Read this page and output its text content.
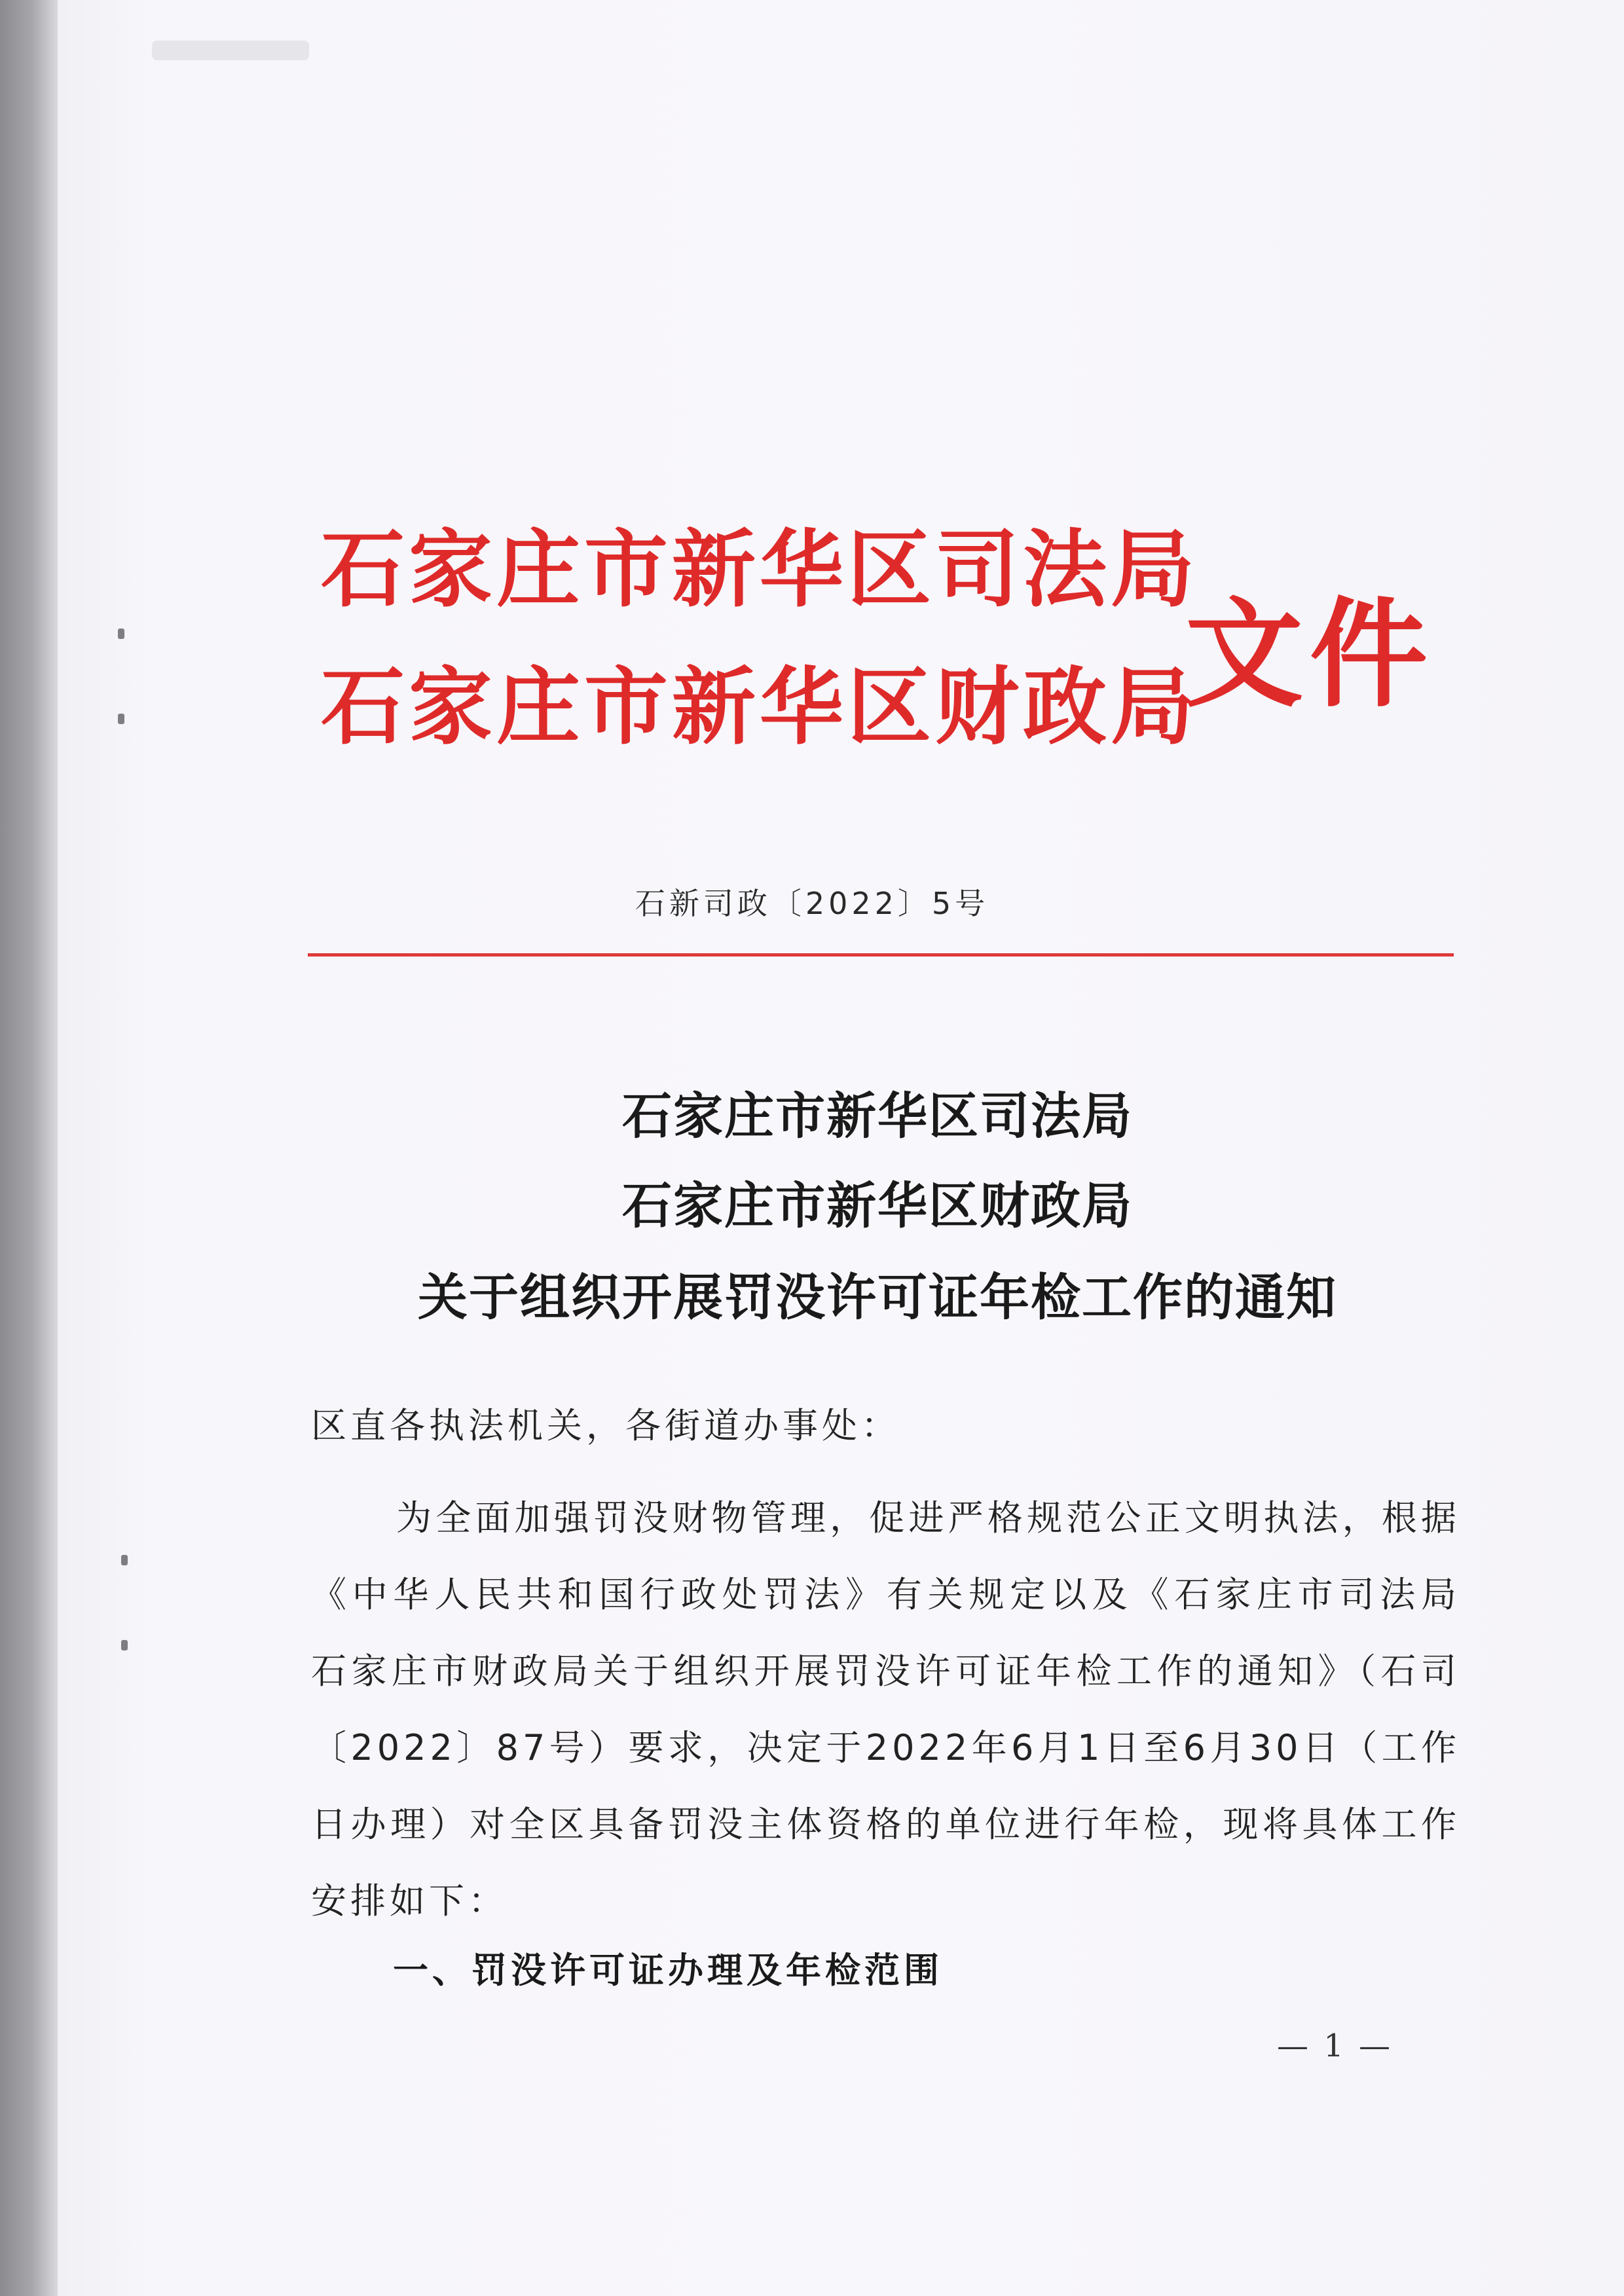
石家庄市新华区司法局
石家庄市新华区财政局
文件
石新司政〔2022〕5号
石家庄市新华区司法局
石家庄市新华区财政局
关于组织开展罚没许可证年检工作的通知
区直各执法机关，各街道办事处：
为全面加强罚没财物管理，促进严格规范公正文明执法，根据《中华人民共和国行政处罚法》有关规定以及《石家庄市司法局 石家庄市财政局关于组织开展罚没许可证年检工作的通知》（石司〔2022〕87号）要求，决定于2022年6月1日至6月30日（工作日办理）对全区具备罚没主体资格的单位进行年检，现将具体工作安排如下：
一、罚没许可证办理及年检范围
— 1 —
